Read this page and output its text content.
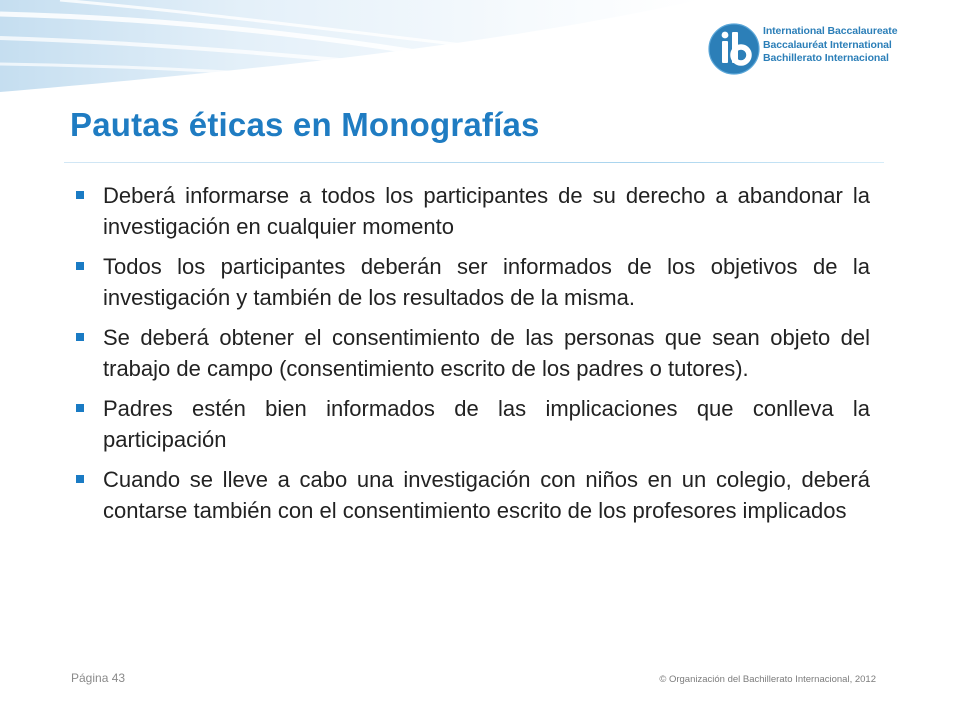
International Baccalaureate
Baccalauréat International
Bachillerato Internacional
Pautas éticas en Monografías
Deberá informarse a todos los participantes de su derecho a abandonar la investigación en cualquier momento
Todos los participantes deberán ser informados de los objetivos de la investigación y también de los resultados de la misma.
Se deberá obtener el consentimiento de las personas que sean objeto del trabajo de campo (consentimiento escrito de los padres o tutores).
Padres estén bien informados de las implicaciones que conlleva la participación
Cuando se lleve a cabo una investigación con niños en un colegio, deberá contarse también con el consentimiento escrito de los profesores implicados
Página 43	© Organización del Bachillerato Internacional, 2012
